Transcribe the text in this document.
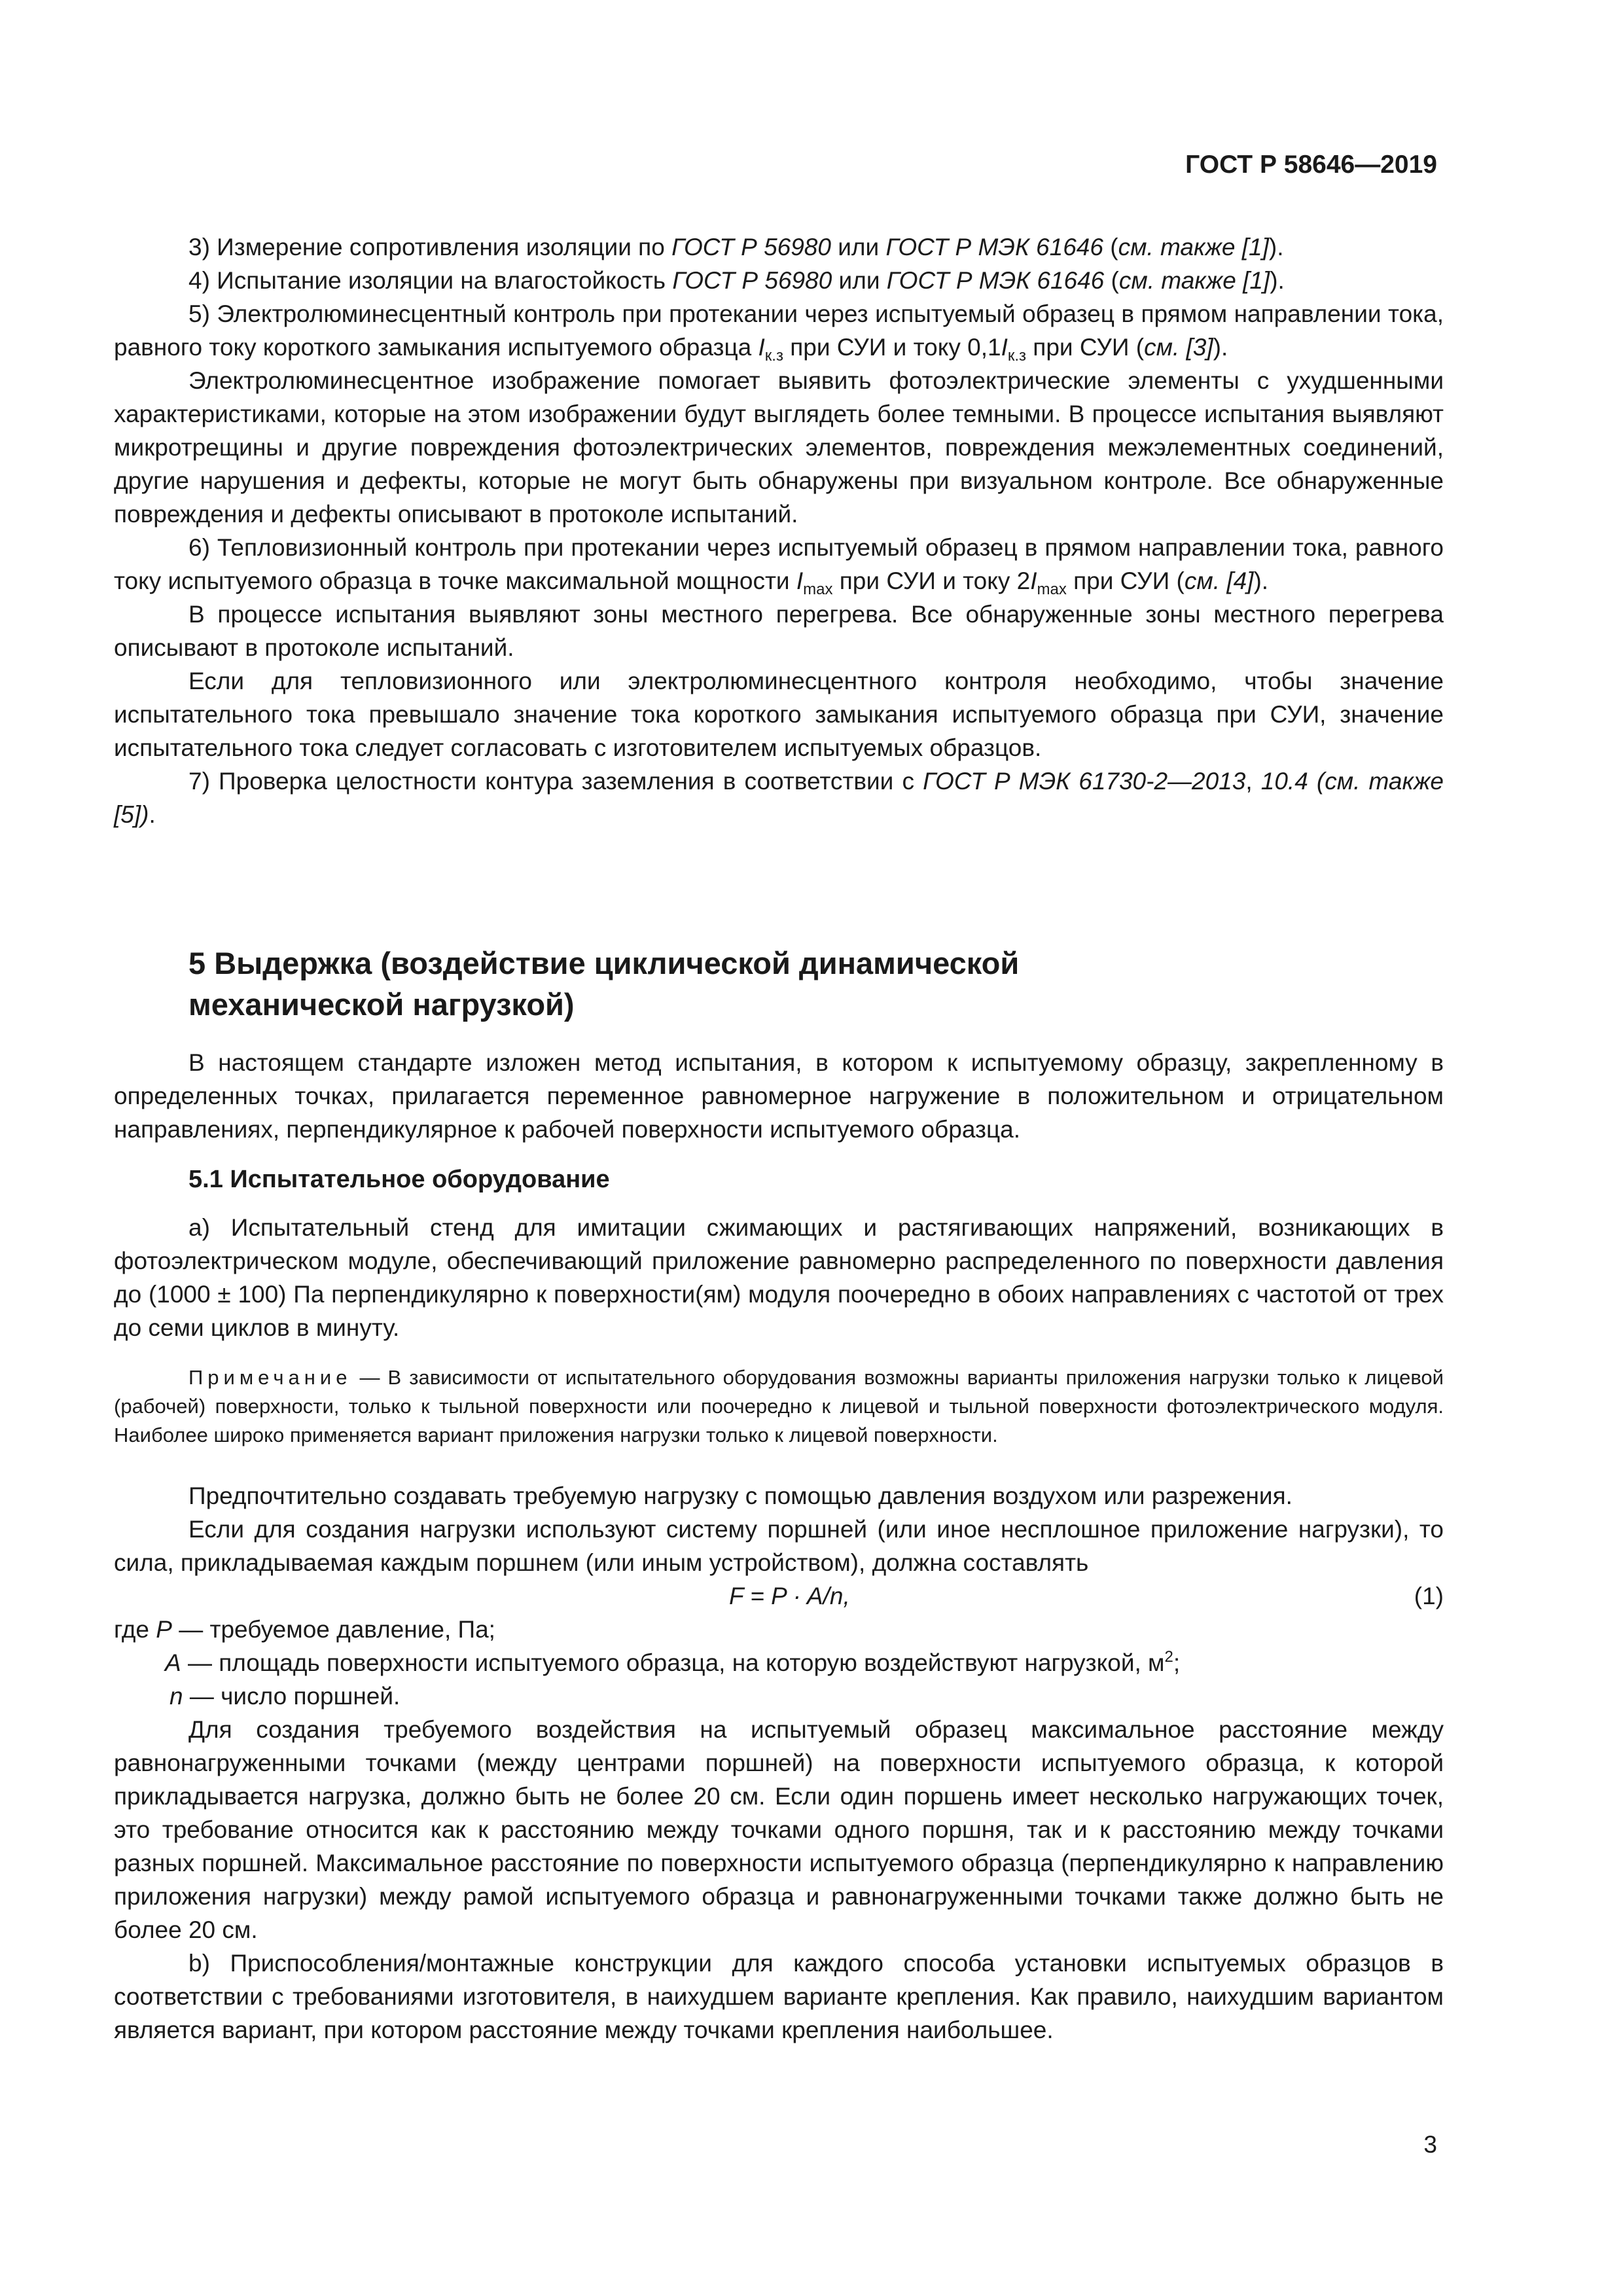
ГОСТ Р 58646—2019

3) Измерение сопротивления изоляции по ГОСТ Р 56980 или ГОСТ Р МЭК 61646 (см. также [1]).

4) Испытание изоляции на влагостойкость ГОСТ Р 56980 или ГОСТ Р МЭК 61646 (см. также [1]).

5) Электролюминесцентный контроль при протекании через испытуемый образец в прямом направлении тока, равного току короткого замыкания испытуемого образца $I_{к.з}$ при СУИ и току $0,1I_{к.з}$ при СУИ (см. [3]).

Электролюминесцентное изображение помогает выявить фотоэлектрические элементы с ухудшенными характеристиками, которые на этом изображении будут выглядеть более темными. В процессе испытания выявляют микротрещины и другие повреждения фотоэлектрических элементов, повреждения межэлементных соединений, другие нарушения и дефекты, которые не могут быть обнаружены при визуальном контроле. Все обнаруженные повреждения и дефекты описывают в протоколе испытаний.

6) Тепловизионный контроль при протекании через испытуемый образец в прямом направлении тока, равного току испытуемого образца в точке максимальной мощности $I_{max}$ при СУИ и току $2I_{max}$ при СУИ (см. [4]).

В процессе испытания выявляют зоны местного перегрева. Все обнаруженные зоны местного перегрева описывают в протоколе испытаний.

Если для тепловизионного или электролюминесцентного контроля необходимо, чтобы значение испытательного тока превышало значение тока короткого замыкания испытуемого образца при СУИ, значение испытательного тока следует согласовать с изготовителем испытуемых образцов.

7) Проверка целостности контура заземления в соответствии с ГОСТ Р МЭК 61730-2—2013, 10.4 (см. также [5]).

5 Выдержка (воздействие циклической динамической
механической нагрузкой)

В настоящем стандарте изложен метод испытания, в котором к испытуемому образцу, закрепленному в определенных точках, прилагается переменное равномерное нагружение в положительном и отрицательном направлениях, перпендикулярное к рабочей поверхности испытуемого образца.

5.1 Испытательное оборудование

a) Испытательный стенд для имитации сжимающих и растягивающих напряжений, возникающих в фотоэлектрическом модуле, обеспечивающий приложение равномерно распределенного по поверхности давления до (1000 ± 100) Па перпендикулярно к поверхности(ям) модуля поочередно в обоих направлениях с частотой от трех до семи циклов в минуту.

Примечание — В зависимости от испытательного оборудования возможны варианты приложения нагрузки только к лицевой (рабочей) поверхности, только к тыльной поверхности или поочередно к лицевой и тыльной поверхности фотоэлектрического модуля. Наиболее широко применяется вариант приложения нагрузки только к лицевой поверхности.

Предпочтительно создавать требуемую нагрузку с помощью давления воздухом или разрежения.

Если для создания нагрузки используют систему поршней (или иное несплошное приложение нагрузки), то сила, прикладываемая каждым поршнем (или иным устройством), должна составлять

F = P · A/n,	(1)

где P — требуемое давление, Па;

A — площадь поверхности испытуемого образца, на которую воздействуют нагрузкой, $м^2$;

n — число поршней.

Для создания требуемого воздействия на испытуемый образец максимальное расстояние между равнонагруженными точками (между центрами поршней) на поверхности испытуемого образца, к которой прикладывается нагрузка, должно быть не более 20 см. Если один поршень имеет несколько нагружающих точек, это требование относится как к расстоянию между точками одного поршня, так и к расстоянию между точками разных поршней. Максимальное расстояние по поверхности испытуемого образца (перпендикулярно к направлению приложения нагрузки) между рамой испытуемого образца и равнонагруженными точками также должно быть не более 20 см.

b) Приспособления/монтажные конструкции для каждого способа установки испытуемых образцов в соответствии с требованиями изготовителя, в наихудшем варианте крепления. Как правило, наихудшим вариантом является вариант, при котором расстояние между точками крепления наибольшее.

3
